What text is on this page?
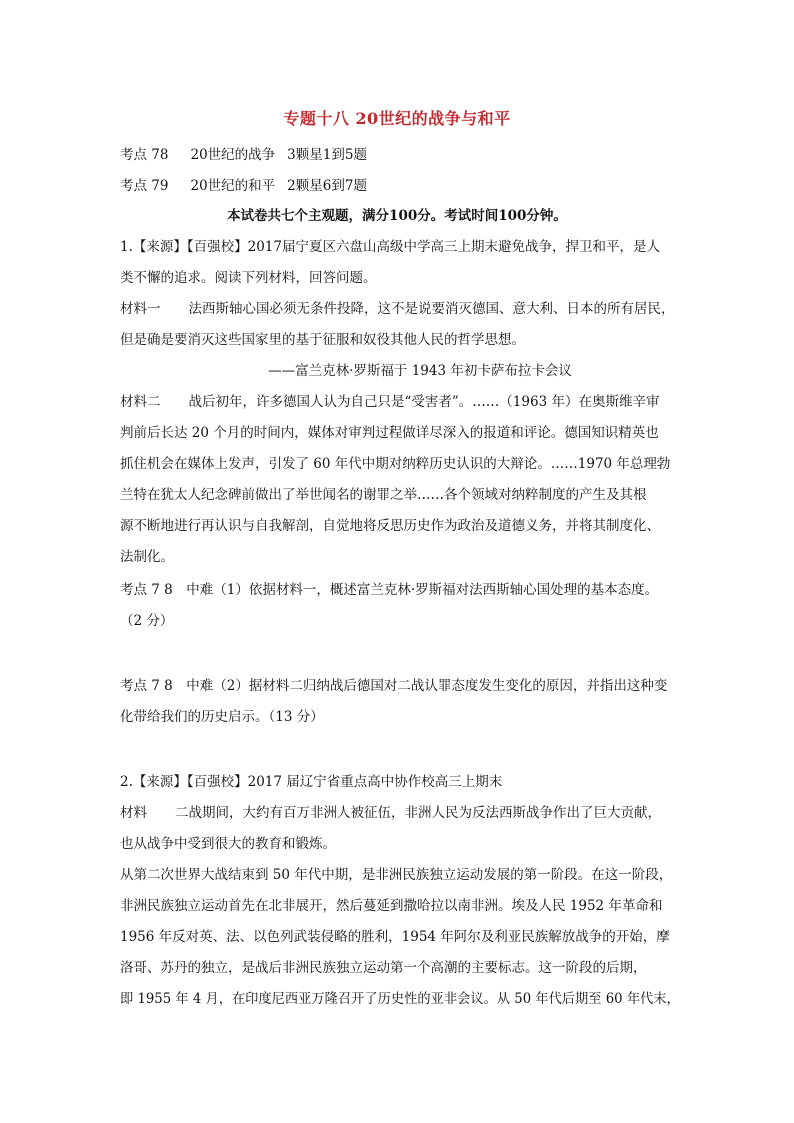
专题十八 20世纪的战争与和平
考点 78 20世纪的战争 3颗星1到5题
考点 79 20世纪的和平 2颗星6到7题
本试卷共七个主观题，满分100分。考试时间100分钟。
1.【来源】【百强校】2017届宁夏区六盘山高级中学高三上期末避免战争，捍卫和平，是人
类不懈的追求。阅读下列材料，回答问题。
材料一 法西斯轴心国必须无条件投降，这不是说要消灭德国、意大利、日本的所有居民，
但是确是要消灭这些国家里的基于征服和奴役其他人民的哲学思想。
——富兰克林·罗斯福于 1943 年初卡萨布拉卡会议
材料二 战后初年，许多德国人认为自己只是“受害者”。……（1963 年）在奥斯维辛审
判前后长达 20 个月的时间内，媒体对审判过程做详尽深入的报道和评论。德国知识精英也
抓住机会在媒体上发声，引发了 60 年代中期对纳粹历史认识的大辩论。……1970 年总理勃
兰特在犹太人纪念碑前做出了举世闻名的谢罪之举……各个领域对纳粹制度的产生及其根
源不断地进行再认识与自我解剖，自觉地将反思历史作为政治及道德义务，并将其制度化、
法制化。
考点 7 8　中难（1）依据材料一，概述富兰克林·罗斯福对法西斯轴心国处理的基本态度。
（2 分）
考点 7 8　中难（2）据材料二归纳战后德国对二战认罪态度发生变化的原因，并指出这种变
化带给我们的历史启示。（13 分）
2.【来源】【百强校】2017 届辽宁省重点高中协作校高三上期末
材料 二战期间，大约有百万非洲人被征伍，非洲人民为反法西斯战争作出了巨大贡献，
也从战争中受到很大的教育和锻炼。
从第二次世界大战结束到 50 年代中期，是非洲民族独立运动发展的第一阶段。在这一阶段，
非洲民族独立运动首先在北非展开，然后蔓延到撒哈拉以南非洲。埃及人民 1952 年革命和
1956 年反对英、法、以色列武装侵略的胜利，1954 年阿尔及利亚民族解放战争的开始，摩
洛哥、苏丹的独立，是战后非洲民族独立运动第一个高潮的主要标志。这一阶段的后期，
即 1955 年 4 月，在印度尼西亚万隆召开了历史性的亚非会议。从 50 年代后期至 60 年代末，
